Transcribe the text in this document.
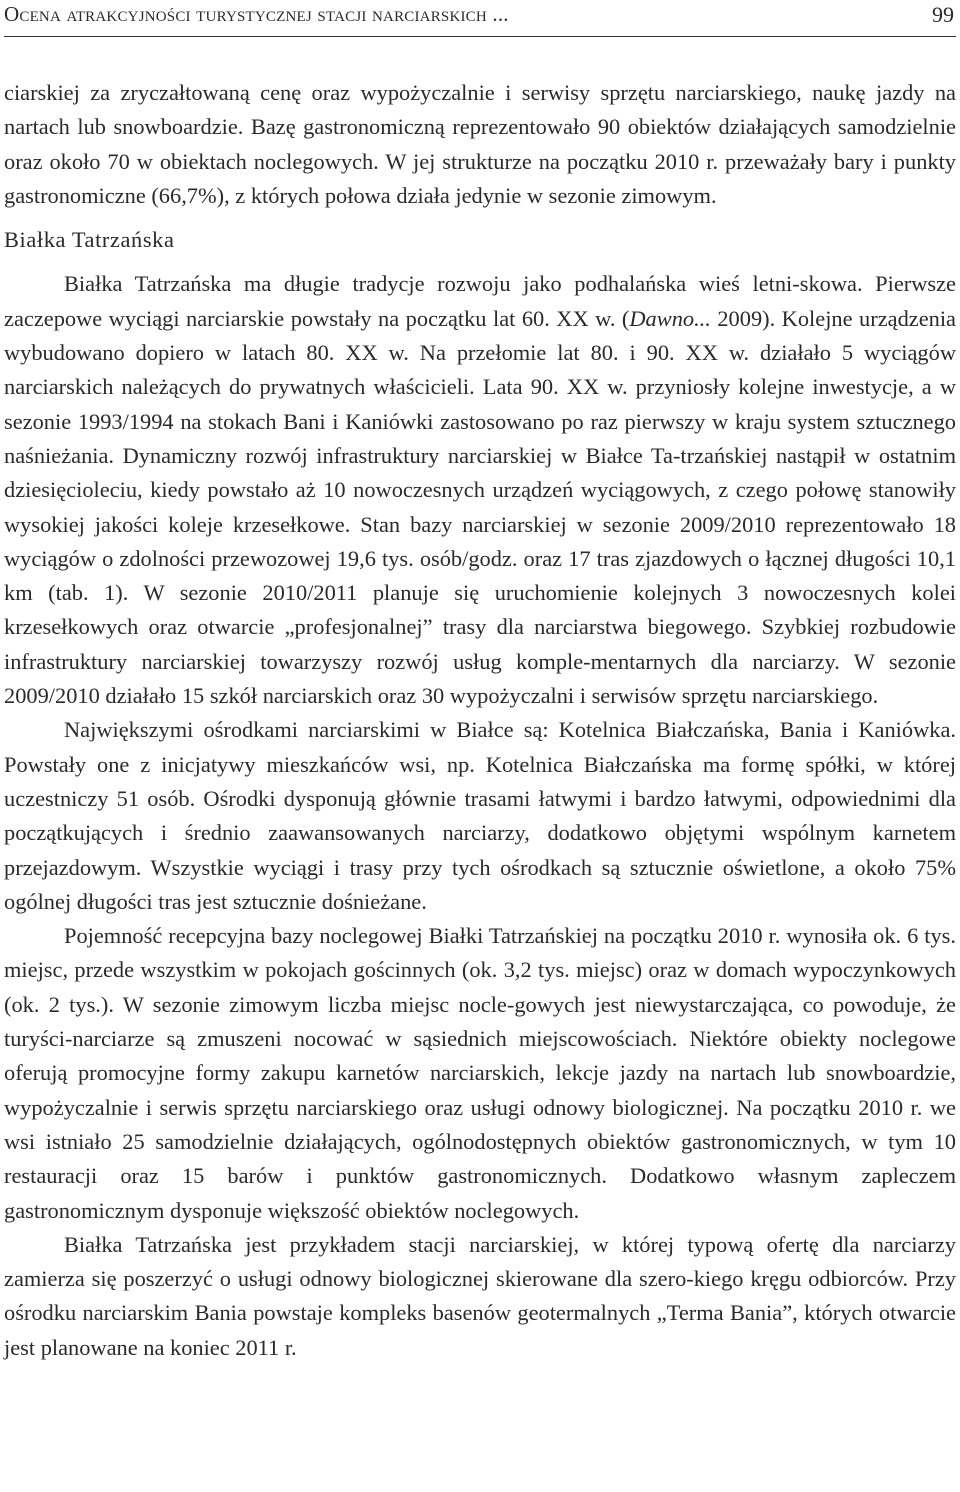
Ocena atrakcyjności turystycznej stacji narciarskich ...	99

ciarskiej za zryczałtowaną cenę oraz wypożyczalnie i serwisy sprzętu narciarskiego, naukę jazdy na nartach lub snowboardzie. Bazę gastronomiczną reprezentowało 90 obiektów działających samodzielnie oraz około 70 w obiektach noclegowych. W jej strukturze na początku 2010 r. przeważały bary i punkty gastronomiczne (66,7%), z których połowa działa jedynie w sezonie zimowym.

Białka Tatrzańska

Białka Tatrzańska ma długie tradycje rozwoju jako podhalańska wieś letni-skowa. Pierwsze zaczepowe wyciągi narciarskie powstały na początku lat 60. XX w. (Dawno... 2009). Kolejne urządzenia wybudowano dopiero w latach 80. XX w. Na przełomie lat 80. i 90. XX w. działało 5 wyciągów narciarskich należących do prywatnych właścicieli. Lata 90. XX w. przyniosły kolejne inwestycje, a w sezonie 1993/1994 na stokach Bani i Kaniówki zastosowano po raz pierwszy w kraju system sztucznego naśnieżania. Dynamiczny rozwój infrastruktury narciarskiej w Białce Ta-trzańskiej nastąpił w ostatnim dziesięcioleciu, kiedy powstało aż 10 nowoczesnych urządzeń wyciągowych, z czego połowę stanowiły wysokiej jakości koleje krzesełkowe. Stan bazy narciarskiej w sezonie 2009/2010 reprezentowało 18 wyciągów o zdolności przewozowej 19,6 tys. osób/godz. oraz 17 tras zjazdowych o łącznej długości 10,1 km (tab. 1). W sezonie 2010/2011 planuje się uruchomienie kolejnych 3 nowoczesnych kolei krzesełkowych oraz otwarcie „profesjonalnej” trasy dla narciarstwa biegowego. Szybkiej rozbudowie infrastruktury narciarskiej towarzyszy rozwój usług komple-mentarnych dla narciarzy. W sezonie 2009/2010 działało 15 szkół narciarskich oraz 30 wypożyczalni i serwisów sprzętu narciarskiego.

Największymi ośrodkami narciarskimi w Białce są: Kotelnica Białczańska, Bania i Kaniówka. Powstały one z inicjatywy mieszkańców wsi, np. Kotelnica Białczańska ma formę spółki, w której uczestniczy 51 osób. Ośrodki dysponują głównie trasami łatwymi i bardzo łatwymi, odpowiednimi dla początkujących i średnio zaawansowanych narciarzy, dodatkowo objętymi wspólnym karnetem przejazdowym. Wszystkie wyciągi i trasy przy tych ośrodkach są sztucznie oświetlone, a około 75% ogólnej długości tras jest sztucznie dośnieżane.

Pojemność recepcyjna bazy noclegowej Białki Tatrzańskiej na początku 2010 r. wynosiła ok. 6 tys. miejsc, przede wszystkim w pokojach gościnnych (ok. 3,2 tys. miejsc) oraz w domach wypoczynkowych (ok. 2 tys.). W sezonie zimowym liczba miejsc nocle-gowych jest niewystarczająca, co powoduje, że turyści-narciarze są zmuszeni nocować w sąsiednich miejscowościach. Niektóre obiekty noclegowe oferują promocyjne formy zakupu karnetów narciarskich, lekcje jazdy na nartach lub snowboardzie, wypożyczalnie i serwis sprzętu narciarskiego oraz usługi odnowy biologicznej. Na początku 2010 r. we wsi istniało 25 samodzielnie działających, ogólnodostępnych obiektów gastronomicznych, w tym 10 restauracji oraz 15 barów i punktów gastronomicznych. Dodatkowo własnym zapleczem gastronomicznym dysponuje większość obiektów noclegowych.

Białka Tatrzańska jest przykładem stacji narciarskiej, w której typową ofertę dla narciarzy zamierza się poszerzyć o usługi odnowy biologicznej skierowane dla szero-kiego kręgu odbiorców. Przy ośrodku narciarskim Bania powstaje kompleks basenów geotermalnych „Terma Bania”, których otwarcie jest planowane na koniec 2011 r.
